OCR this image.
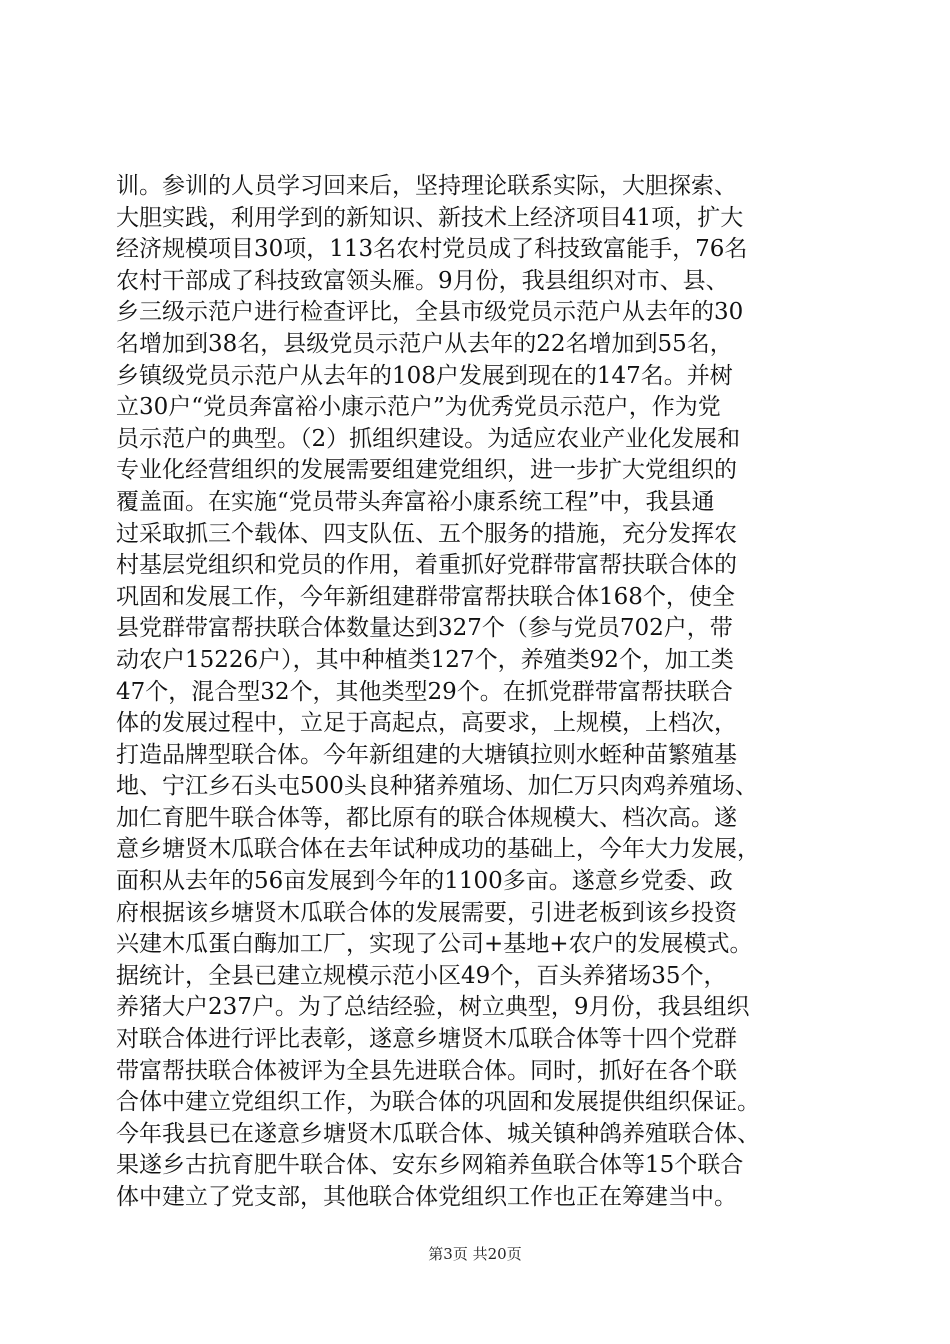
训。参训的人员学习回来后，坚持理论联系实际，大胆探索、
大胆实践，利用学到的新知识、新技术上经济项目41项，扩大
经济规模项目30项，113名农村党员成了科技致富能手，76名
农村干部成了科技致富领头雁。9月份，我县组织对市、县、
乡三级示范户进行检查评比，全县市级党员示范户从去年的30
名增加到38名，县级党员示范户从去年的22名增加到55名，
乡镇级党员示范户从去年的108户发展到现在的147名。并树
立30户“党员奔富裕小康示范户”为优秀党员示范户，作为党
员示范户的典型。（2）抓组织建设。为适应农业产业化发展和
专业化经营组织的发展需要组建党组织，进一步扩大党组织的
覆盖面。在实施“党员带头奔富裕小康系统工程”中，我县通
过采取抓三个载体、四支队伍、五个服务的措施，充分发挥农
村基层党组织和党员的作用，着重抓好党群带富帮扶联合体的
巩固和发展工作，今年新组建群带富帮扶联合体168个，使全
县党群带富帮扶联合体数量达到327个（参与党员702户，带
动农户15226户），其中种植类127个，养殖类92个，加工类
47个，混合型32个，其他类型29个。在抓党群带富帮扶联合
体的发展过程中，立足于高起点，高要求，上规模，上档次，
打造品牌型联合体。今年新组建的大塘镇拉则水蛭种苗繁殖基
地、宁江乡石头屯500头良种猪养殖场、加仁万只肉鸡养殖场、
加仁育肥牛联合体等，都比原有的联合体规模大、档次高。遂
意乡塘贤木瓜联合体在去年试种成功的基础上，今年大力发展，
面积从去年的56亩发展到今年的1100多亩。遂意乡党委、政
府根据该乡塘贤木瓜联合体的发展需要，引进老板到该乡投资
兴建木瓜蛋白酶加工厂，实现了公司+基地+农户的发展模式。
据统计，全县已建立规模示范小区49个，百头养猪场35个，
养猪大户237户。为了总结经验，树立典型，9月份，我县组织
对联合体进行评比表彰，遂意乡塘贤木瓜联合体等十四个党群
带富帮扶联合体被评为全县先进联合体。同时，抓好在各个联
合体中建立党组织工作，为联合体的巩固和发展提供组织保证。
今年我县已在遂意乡塘贤木瓜联合体、城关镇种鸽养殖联合体、
果遂乡古抗育肥牛联合体、安东乡网箱养鱼联合体等15个联合
体中建立了党支部，其他联合体党组织工作也正在筹建当中。

第3页 共20页
